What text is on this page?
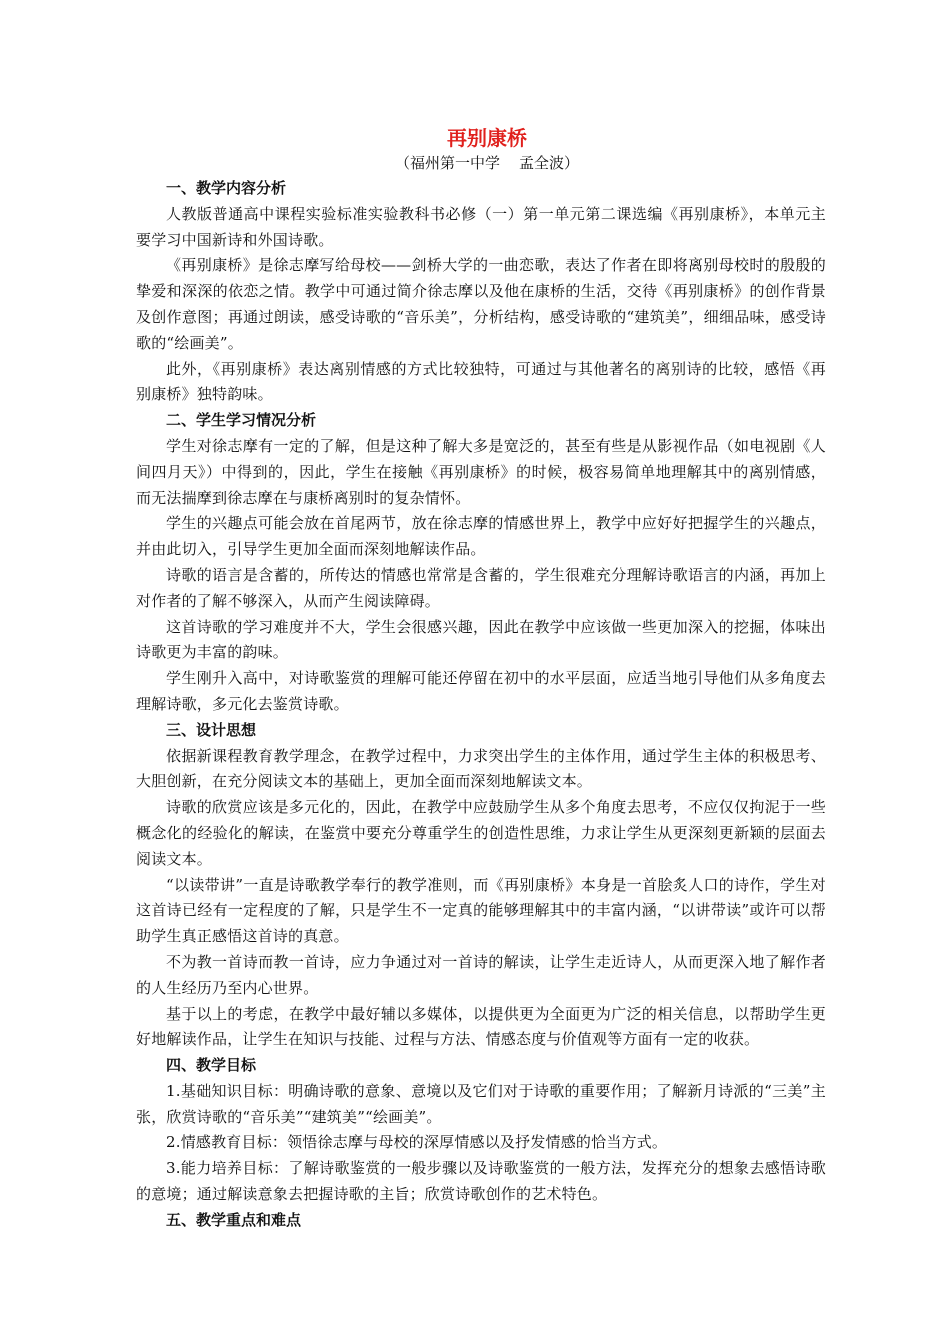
再别康桥
（福州第一中学    孟全波）
一、教学内容分析
人教版普通高中课程实验标准实验教科书必修（一）第一单元第二课选编《再别康桥》，本单元主要学习中国新诗和外国诗歌。
《再别康桥》是徐志摩写给母校——剑桥大学的一曲恋歌，表达了作者在即将离别母校时的殷殷的挚爱和深深的依恋之情。教学中可通过简介徐志摩以及他在康桥的生活，交待《再别康桥》的创作背景及创作意图；再通过朗读，感受诗歌的“音乐美”，分析结构，感受诗歌的“建筑美”，细细品味，感受诗歌的“绘画美”。
此外，《再别康桥》表达离别情感的方式比较独特，可通过与其他著名的离别诗的比较，感悟《再别康桥》独特韵味。
二、学生学习情况分析
学生对徐志摩有一定的了解，但是这种了解大多是宽泛的，甚至有些是从影视作品（如电视剧《人间四月天》）中得到的，因此，学生在接触《再别康桥》的时候，极容易简单地理解其中的离别情感，而无法揣摩到徐志摩在与康桥离别时的复杂情怀。
学生的兴趣点可能会放在首尾两节，放在徐志摩的情感世界上，教学中应好好把握学生的兴趣点，并由此切入，引导学生更加全面而深刻地解读作品。
诗歌的语言是含蓄的，所传达的情感也常常是含蓄的，学生很难充分理解诗歌语言的内涵，再加上对作者的了解不够深入，从而产生阅读障碍。
这首诗歌的学习难度并不大，学生会很感兴趣，因此在教学中应该做一些更加深入的挖掘，体味出诗歌更为丰富的韵味。
学生刚升入高中，对诗歌鉴赏的理解可能还停留在初中的水平层面，应适当地引导他们从多角度去理解诗歌，多元化去鉴赏诗歌。
三、设计思想
依据新课程教育教学理念，在教学过程中，力求突出学生的主体作用，通过学生主体的积极思考、大胆创新，在充分阅读文本的基础上，更加全面而深刻地解读文本。
诗歌的欣赏应该是多元化的，因此，在教学中应鼓励学生从多个角度去思考，不应仅仅拘泥于一些概念化的经验化的解读，在鉴赏中要充分尊重学生的创造性思维，力求让学生从更深刻更新颖的层面去阅读文本。
“以读带讲”一直是诗歌教学奉行的教学准则，而《再别康桥》本身是一首脍炙人口的诗作，学生对这首诗已经有一定程度的了解，只是学生不一定真的能够理解其中的丰富内涵，“以讲带读”或许可以帮助学生真正感悟这首诗的真意。
不为教一首诗而教一首诗，应力争通过对一首诗的解读，让学生走近诗人，从而更深入地了解作者的人生经历乃至内心世界。
基于以上的考虑，在教学中最好辅以多媒体，以提供更为全面更为广泛的相关信息，以帮助学生更好地解读作品，让学生在知识与技能、过程与方法、情感态度与价值观等方面有一定的收获。
四、教学目标
1.基础知识目标：明确诗歌的意象、意境以及它们对于诗歌的重要作用；了解新月诗派的“三美”主张，欣赏诗歌的“音乐美”“建筑美”“绘画美”。
2.情感教育目标：领悟徐志摩与母校的深厚情感以及抒发情感的恰当方式。
3.能力培养目标：了解诗歌鉴赏的一般步骤以及诗歌鉴赏的一般方法，发挥充分的想象去感悟诗歌的意境；通过解读意象去把握诗歌的主旨；欣赏诗歌创作的艺术特色。
五、教学重点和难点
